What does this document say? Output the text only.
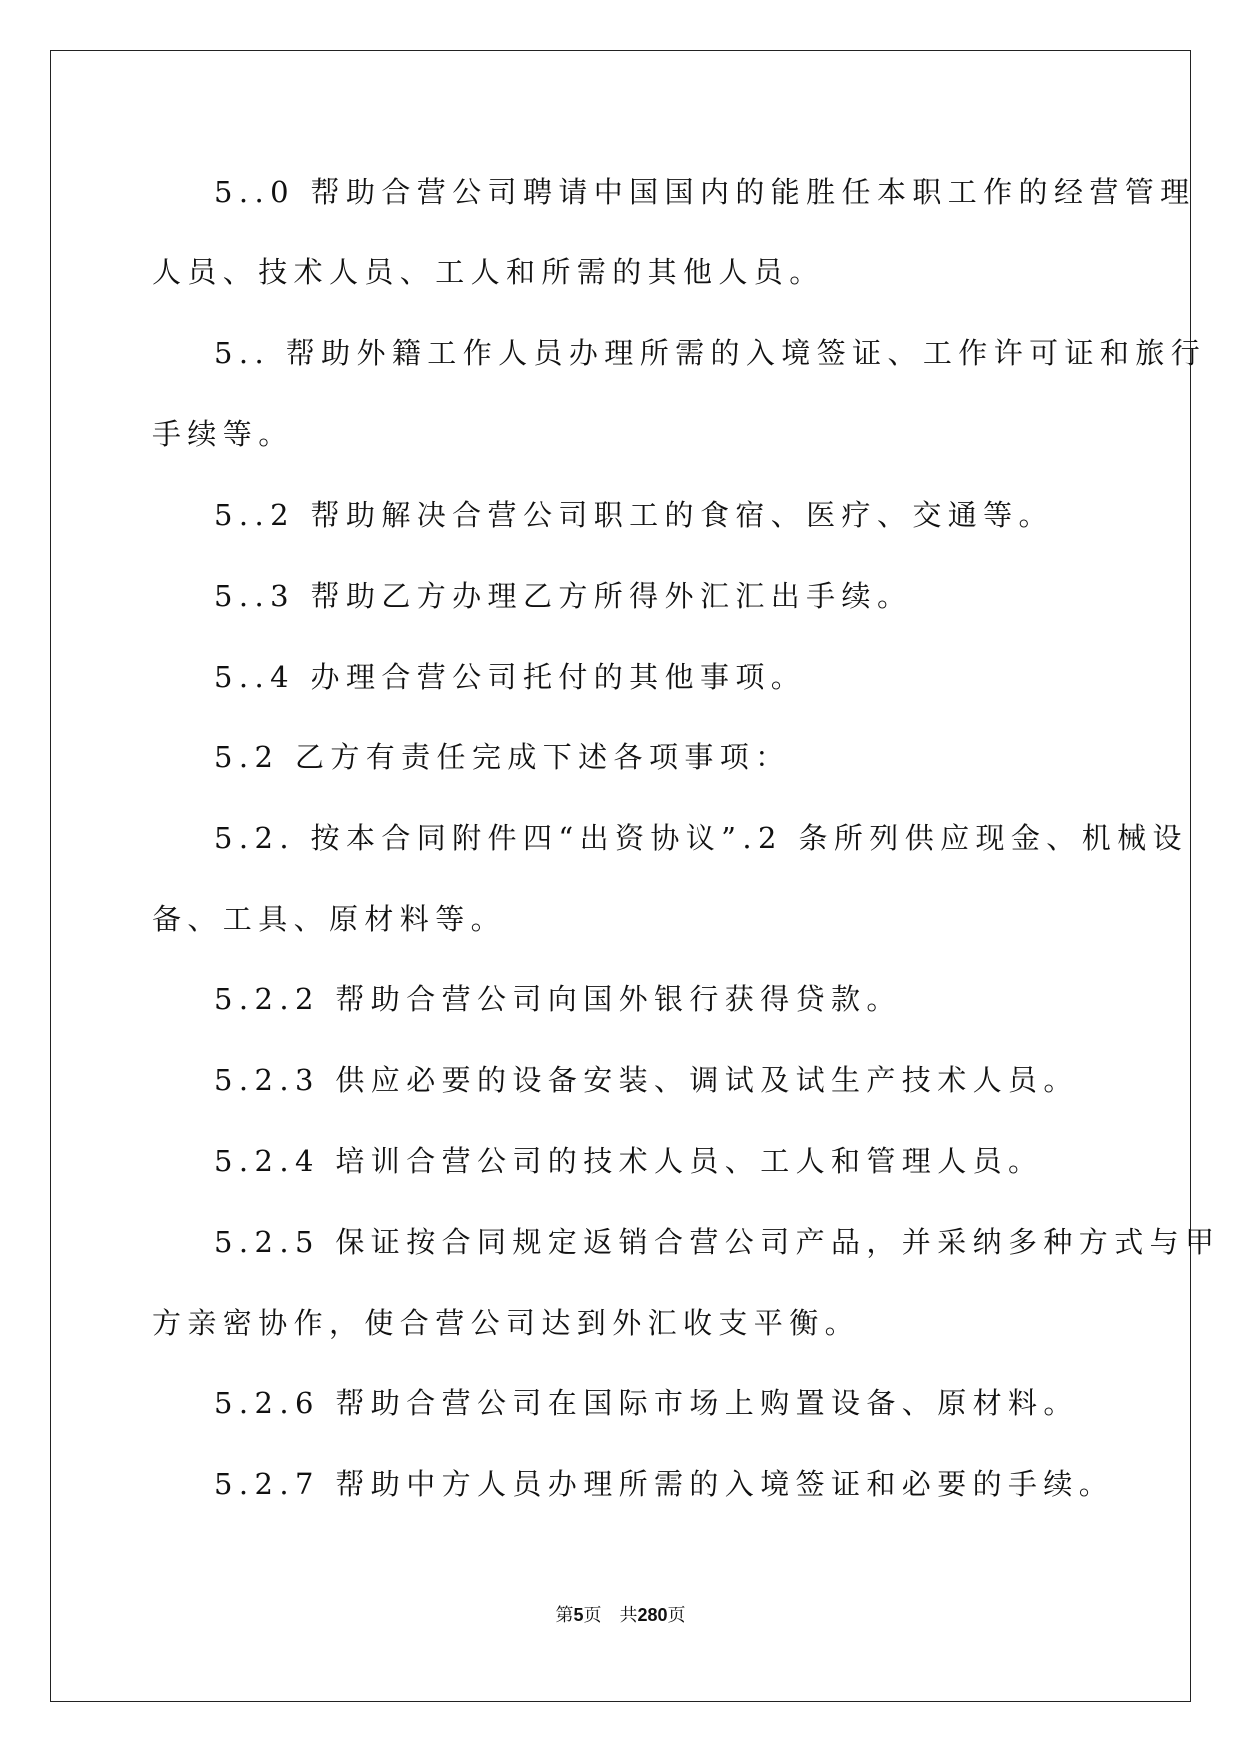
5..0 帮助合营公司聘请中国国内的能胜任本职工作的经营管理
人员、技术人员、工人和所需的其他人员。
5.. 帮助外籍工作人员办理所需的入境签证、工作许可证和旅行
手续等。
5..2 帮助解决合营公司职工的食宿、医疗、交通等。
5..3 帮助乙方办理乙方所得外汇汇出手续。
5..4 办理合营公司托付的其他事项。
5.2 乙方有责任完成下述各项事项：
5.2. 按本合同附件四“出资协议”.2 条所列供应现金、机械设
备、工具、原材料等。
5.2.2 帮助合营公司向国外银行获得贷款。
5.2.3 供应必要的设备安装、调试及试生产技术人员。
5.2.4 培训合营公司的技术人员、工人和管理人员。
5.2.5 保证按合同规定返销合营公司产品，并采纳多种方式与甲
方亲密协作，使合营公司达到外汇收支平衡。
5.2.6 帮助合营公司在国际市场上购置设备、原材料。
5.2.7 帮助中方人员办理所需的入境签证和必要的手续。
第5页　共280页
